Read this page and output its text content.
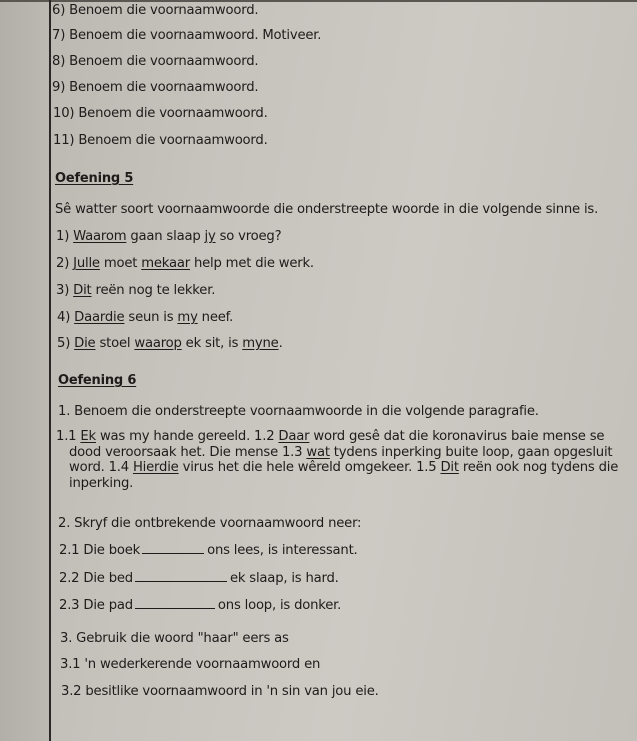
6) Benoem die voornaamwoord.
7) Benoem die voornaamwoord. Motiveer.
8) Benoem die voornaamwoord.
9) Benoem die voornaamwoord.
10) Benoem die voornaamwoord.
11) Benoem die voornaamwoord.
Oefening 5
Sê watter soort voornaamwoorde die onderstreepte woorde in die volgende sinne is.
1) Waarom gaan slaap jy so vroeg?
2) Julle moet mekaar help met die werk.
3) Dit reën nog te lekker.
4) Daardie seun is my neef.
5) Die stoel waarop ek sit, is myne.
Oefening 6
1. Benoem die onderstreepte voornaamwoorde in die volgende paragrafie.
1.1 Ek was my hande gereeld. 1.2 Daar word gesê dat die koronavirus baie mense se
dood veroorsaak het. Die mense 1.3 wat tydens inperking buite loop, gaan opgesluit
word. 1.4 Hierdie virus het die hele wêreld omgekeer. 1.5 Dit reën ook nog tydens die
inperking.
2. Skryf die ontbrekende voornaamwoord neer:
2.1 Die boek	ons lees, is interessant.
2.2 Die bed	ek slaap, is hard.
2.3 Die pad	ons loop, is donker.
3. Gebruik die woord "haar" eers as
3.1 'n wederkerende voornaamwoord en
3.2 besitlike voornaamwoord in 'n sin van jou eie.
